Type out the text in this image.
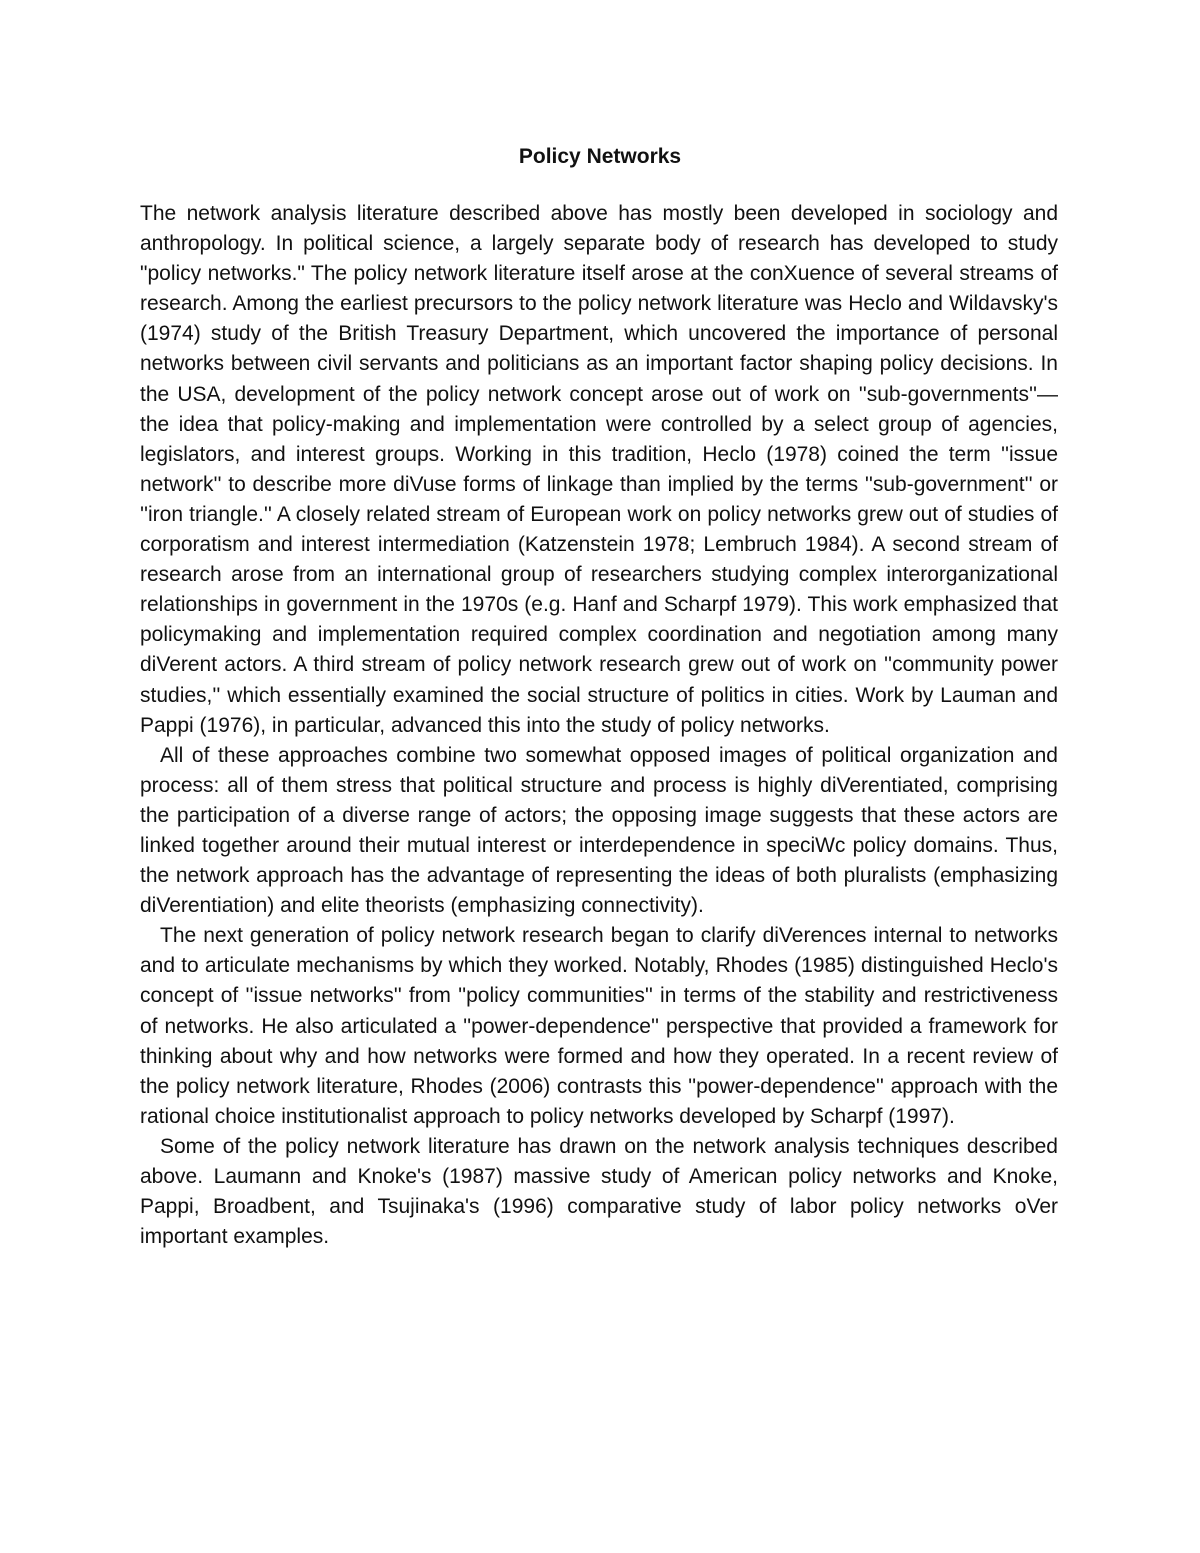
Policy Networks

The network analysis literature described above has mostly been developed in sociology and anthropology. In political science, a largely separate body of research has developed to study "policy networks." The policy network literature itself arose at the conXuence of several streams of research. Among the earliest precursors to the policy network literature was Heclo and Wildavsky's (1974) study of the British Treasury Department, which uncovered the importance of personal networks between civil servants and politicians as an important factor shaping policy decisions. In the USA, development of the policy network concept arose out of work on ''sub-governments''— the idea that policy-making and implementation were controlled by a select group of agencies, legislators, and interest groups. Working in this tradition, Heclo (1978) coined the term ''issue network'' to describe more diVuse forms of linkage than implied by the terms ''sub-government'' or ''iron triangle.'' A closely related stream of European work on policy networks grew out of studies of corporatism and interest intermediation (Katzenstein 1978; Lembruch 1984). A second stream of research arose from an international group of researchers studying complex interorganizational relationships in government in the 1970s (e.g. Hanf and Scharpf 1979). This work emphasized that policymaking and implementation required complex coordination and negotiation among many diVerent actors. A third stream of policy network research grew out of work on ''community power studies,'' which essentially examined the social structure of politics in cities. Work by Lauman and Pappi (1976), in particular, advanced this into the study of policy networks.

All of these approaches combine two somewhat opposed images of political organization and process: all of them stress that political structure and process is highly diVerentiated, comprising the participation of a diverse range of actors; the opposing image suggests that these actors are linked together around their mutual interest or interdependence in speciWc policy domains. Thus, the network approach has the advantage of representing the ideas of both pluralists (emphasizing diVerentiation) and elite theorists (emphasizing connectivity).

The next generation of policy network research began to clarify diVerences internal to networks and to articulate mechanisms by which they worked. Notably, Rhodes (1985) distinguished Heclo's concept of ''issue networks'' from ''policy communities'' in terms of the stability and restrictiveness of networks. He also articulated a ''power-dependence'' perspective that provided a framework for thinking about why and how networks were formed and how they operated. In a recent review of the policy network literature, Rhodes (2006) contrasts this ''power-dependence'' approach with the rational choice institutionalist approach to policy networks developed by Scharpf (1997).

Some of the policy network literature has drawn on the network analysis techniques described above. Laumann and Knoke's (1987) massive study of American policy networks and Knoke, Pappi, Broadbent, and Tsujinaka's (1996) comparative study of labor policy networks oVer important examples.
